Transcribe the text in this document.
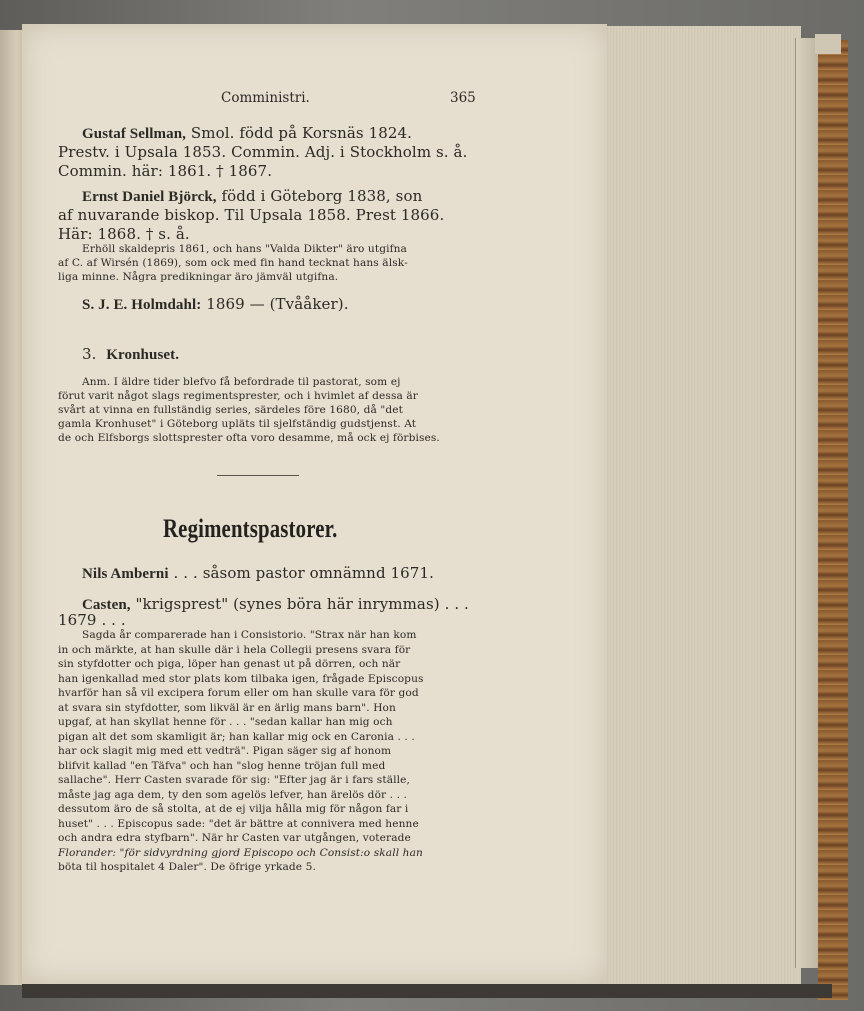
Comministri.	365
Gustaf Sellman, Smol. född på Korsnäs 1824.
Prestv. i Upsala 1853. Commin. Adj. i Stockholm s. å.
Commin. här: 1861. † 1867.
Ernst Daniel Björck, född i Göteborg 1838, son
af nuvarande biskop. Til Upsala 1858. Prest 1866.
Här: 1868. † s. å.
Erhöll skaldepris 1861, och hans "Valda Dikter" äro utgifna
af C. af Wirsén (1869), som ock med fin hand tecknat hans älsk-
liga minne. Några predikningar äro jämväl utgifna.
S. J. E. Holmdahl: 1869 — (Tvååker).
3. Kronhuset.
Anm. I äldre tider blefvo få befordrade til pastorat, som ej
förut varit något slags regimentsprester, och i hvimlet af dessa är
svårt at vinna en fullständig series, särdeles före 1680, då "det
gamla Kronhuset" i Göteborg upläts til sjelfständig gudstjenst. At
de och Elfsborgs slottsprester ofta voro desamme, må ock ej förbises.
Regimentspastorer.
Nils Amberni . . . såsom pastor omnämnd 1671.
Casten, "krigsprest" (synes böra här inrymmas) . . .
1679 . . .
Sagda år compareradе han i Consistorio. "Strax när han kom
in och märkte, at han skulle där i hela Collegii presens svara för
sin styfdotter och piga, löper han genast ut på dörren, och när
han igenkallad med stor plats kom tilbaka igen, frågade Episcopus
hvarför han så vil excipera forum eller om han skulle vara för god
at svara sin styfdotter, som likväl är en ärlig mans barn". Hon
upgaf, at han skyllat henne för . . . "sedan kallar han mig och
pigan alt det som skamligit är; han kallar mig ock en Caronia . . .
har ock slagit mig med ett vedträ". Pigan säger sig af honom
blifvit kallad "en Täfva" och han "slog henne tröjan full med
sallache". Herr Casten svarade för sig: "Efter jag är i fars ställe,
måste jag aga dem, ty den som agelös lefver, han ärelös dör . . .
dessutom äro de så stolta, at de ej vilja hålla mig för någon far i
huset" . . . Episcopus sade: "det är bättre at connivera med henne
och andra edra styfbarn". När hr Casten var utgången, voterade
Florander: "för sidvyrdning gjord Episcopo och Consist:o skall han
böta til hospitalet 4 Daler". De öfrige yrkade 5.
